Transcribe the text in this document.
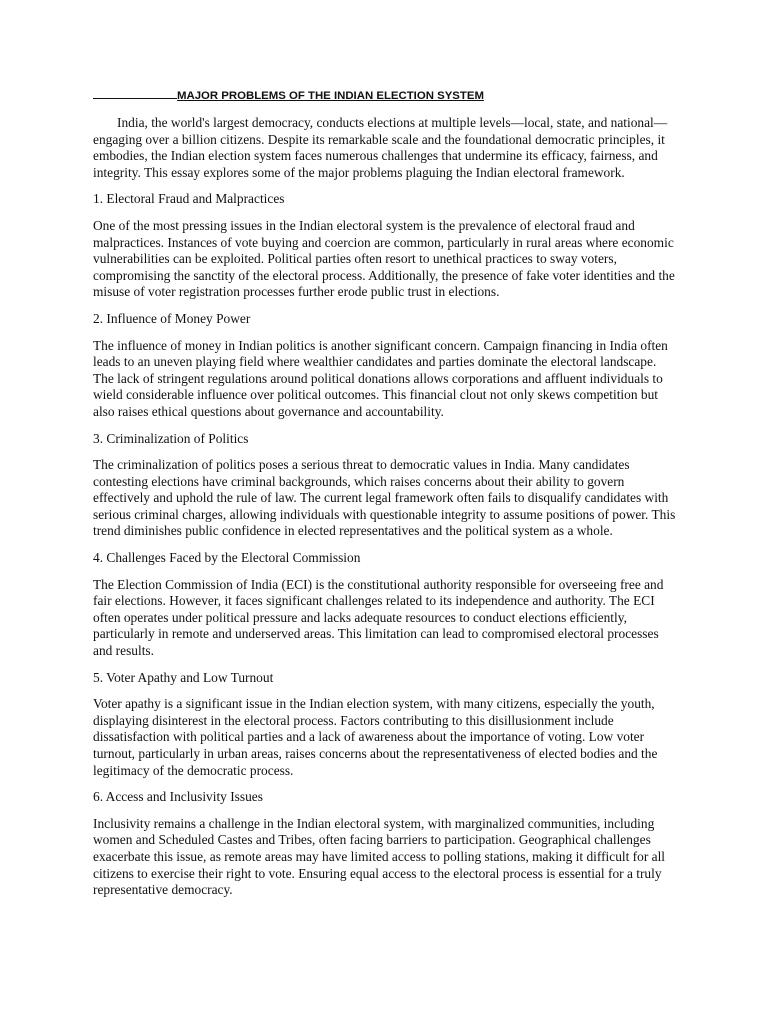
MAJOR PROBLEMS OF THE INDIAN ELECTION SYSTEM

India, the world's largest democracy, conducts elections at multiple levels—local, state, and national—engaging over a billion citizens. Despite its remarkable scale and the foundational democratic principles, it embodies, the Indian election system faces numerous challenges that undermine its efficacy, fairness, and integrity. This essay explores some of the major problems plaguing the Indian electoral framework.

1. Electoral Fraud and Malpractices

One of the most pressing issues in the Indian electoral system is the prevalence of electoral fraud and malpractices. Instances of vote buying and coercion are common, particularly in rural areas where economic vulnerabilities can be exploited. Political parties often resort to unethical practices to sway voters, compromising the sanctity of the electoral process. Additionally, the presence of fake voter identities and the misuse of voter registration processes further erode public trust in elections.

2. Influence of Money Power

The influence of money in Indian politics is another significant concern. Campaign financing in India often leads to an uneven playing field where wealthier candidates and parties dominate the electoral landscape. The lack of stringent regulations around political donations allows corporations and affluent individuals to wield considerable influence over political outcomes. This financial clout not only skews competition but also raises ethical questions about governance and accountability.

3. Criminalization of Politics

The criminalization of politics poses a serious threat to democratic values in India. Many candidates contesting elections have criminal backgrounds, which raises concerns about their ability to govern effectively and uphold the rule of law. The current legal framework often fails to disqualify candidates with serious criminal charges, allowing individuals with questionable integrity to assume positions of power. This trend diminishes public confidence in elected representatives and the political system as a whole.

4. Challenges Faced by the Electoral Commission

The Election Commission of India (ECI) is the constitutional authority responsible for overseeing free and fair elections. However, it faces significant challenges related to its independence and authority. The ECI often operates under political pressure and lacks adequate resources to conduct elections efficiently, particularly in remote and underserved areas. This limitation can lead to compromised electoral processes and results.

5. Voter Apathy and Low Turnout

Voter apathy is a significant issue in the Indian election system, with many citizens, especially the youth, displaying disinterest in the electoral process. Factors contributing to this disillusionment include dissatisfaction with political parties and a lack of awareness about the importance of voting. Low voter turnout, particularly in urban areas, raises concerns about the representativeness of elected bodies and the legitimacy of the democratic process.

6. Access and Inclusivity Issues

Inclusivity remains a challenge in the Indian electoral system, with marginalized communities, including women and Scheduled Castes and Tribes, often facing barriers to participation. Geographical challenges exacerbate this issue, as remote areas may have limited access to polling stations, making it difficult for all citizens to exercise their right to vote. Ensuring equal access to the electoral process is essential for a truly representative democracy.
